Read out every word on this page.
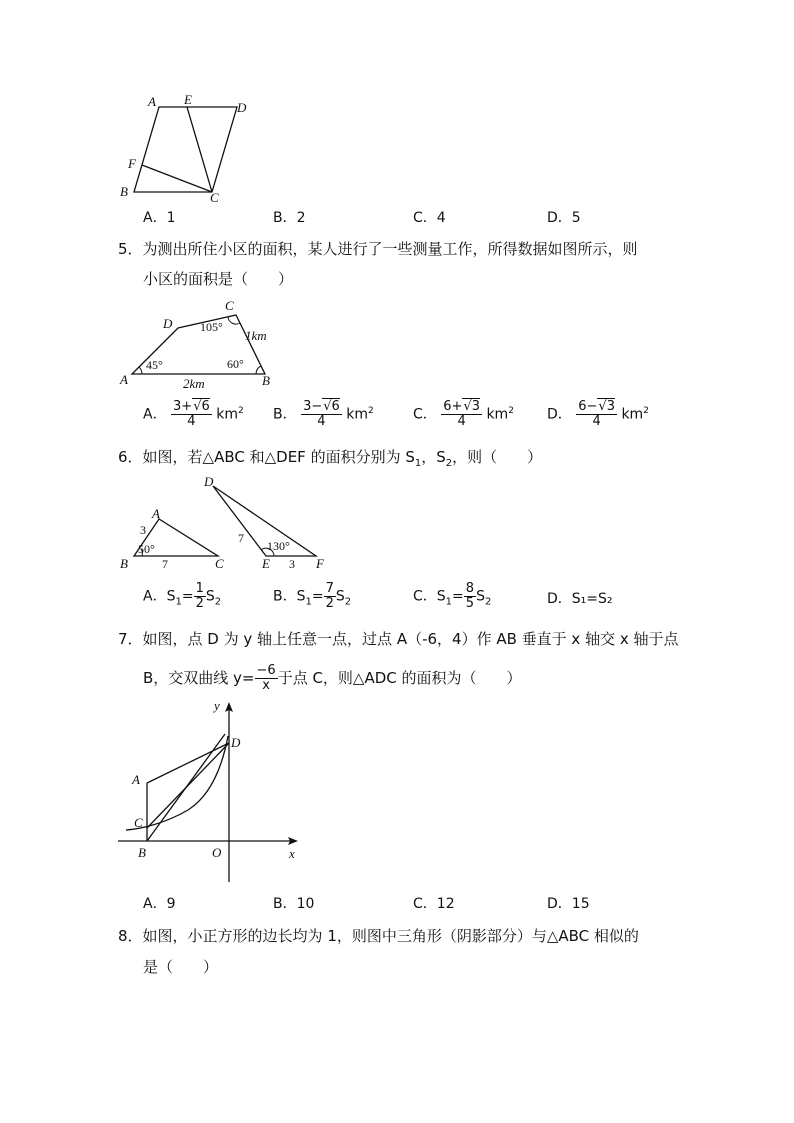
A E
D
F
B	C
A．1	B．2	C．4	D．5
5．为测出所住小区的面积，某人进行了一些测量工作，所得数据如图所示，则
小区的面积是（　　）
A	B
C
D
45°	60°
105°
2km
1km
A． $\frac{3+√6}{4} km^2$ B． $\frac{3-√6}{4} km^2$	C． $\frac{6+√3}{4} km^2$ D． $\frac{6-√3}{4} km^2$
6．如图，若△ABC 和△DEF 的面积分别为 $S_1$，$S_2$，则（　　）
A
B	C
3
7
50°
D
E	F
7
3
130°
A．$S_1= \frac{1}{2} S_2$	B．$S_1= \frac{7}{2} S_2$	C．$S_1= \frac{8}{5} S_2$	D．S₁=S₂
7．如图，点 D 为 y 轴上任意一点，过点 A（-6，4）作 AB 垂直于 x 轴交 x 轴于点
B，交双曲线 $y= \frac{-6}{x}$ 于点 C，则△ADC 的面积为（　　）
y
x
A
B
C
D
O
A．9	B．10	C．12	D．15
8．如图，小正方形的边长均为 1，则图中三角形（阴影部分）与△ABC 相似的
是（　　）
